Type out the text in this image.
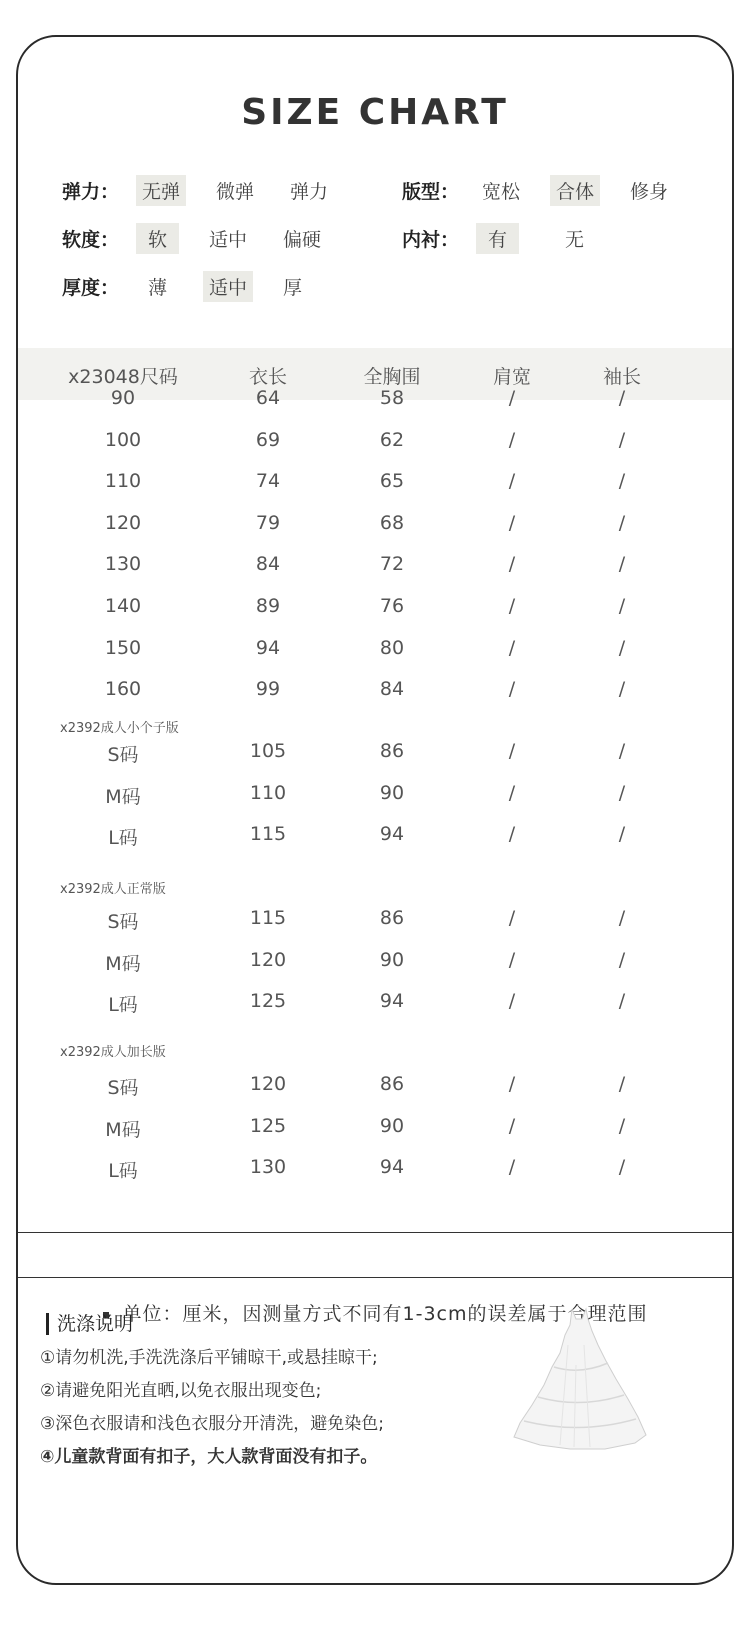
SIZE CHART
弹力：	无弹	微弹	弹力	版型：	宽松	合体	修身
软度：	软	适中	偏硬	内衬：	有	无
厚度：	薄	适中	厚
x23048尺码	衣长	全胸围	肩宽	袖长
90	64	58	/	/
100	69	62	/	/
110	74	65	/	/
120	79	68	/	/
130	84	72	/	/
140	89	76	/	/
150	94	80	/	/
160	99	84	/	/
x2392成人小个子版
S码	105	86	/	/
M码	110	90	/	/
L码	115	94	/	/
x2392成人正常版
S码	115	86	/	/
M码	120	90	/	/
L码	125	94	/	/
x2392成人加长版
S码	120	86	/	/
M码	125	90	/	/
L码	130	94	/	/
单位：厘米，因测量方式不同有1-3cm的误差属于合理范围
洗涤说明
①请勿机洗,手洗洗涤后平铺晾干,或悬挂晾干;
②请避免阳光直晒,以免衣服出现变色;
③深色衣服请和浅色衣服分开清洗，避免染色;
④儿童款背面有扣子，大人款背面没有扣子。
